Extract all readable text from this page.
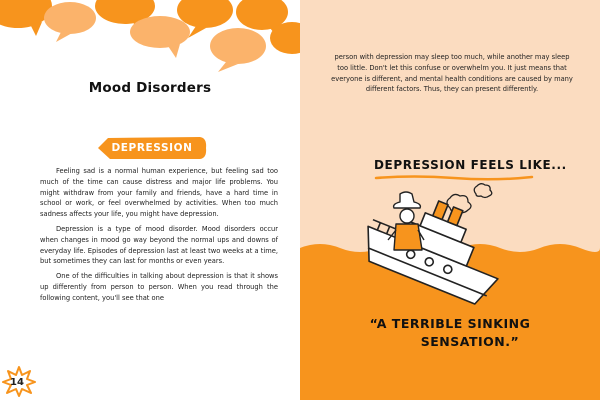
Mood Disorders
DEPRESSION

Feeling sad is a normal human experience, but feeling sad too much of the time can cause distress and major life problems. You might withdraw from your family and friends, have a hard time in school or work, or feel overwhelmed by activities. When too much sadness affects your life, you might have depression.

Depression is a type of mood disorder. Mood disorders occur when changes in mood go way beyond the normal ups and downs of everyday life. Episodes of depression last at least two weeks at a time, but sometimes they can last for months or even years.

One of the difficulties in talking about depression is that it shows up differently from person to person. When you read through the following content, you'll see that one

14

person with depression may sleep too much, while another may sleep too little. Don't let this confuse or overwhelm you. It just means that everyone is different, and mental health conditions are caused by many different factors. Thus, they can present differently.

DEPRESSION FEELS LIKE...
“A TERRIBLE SINKING
SENSATION.”
